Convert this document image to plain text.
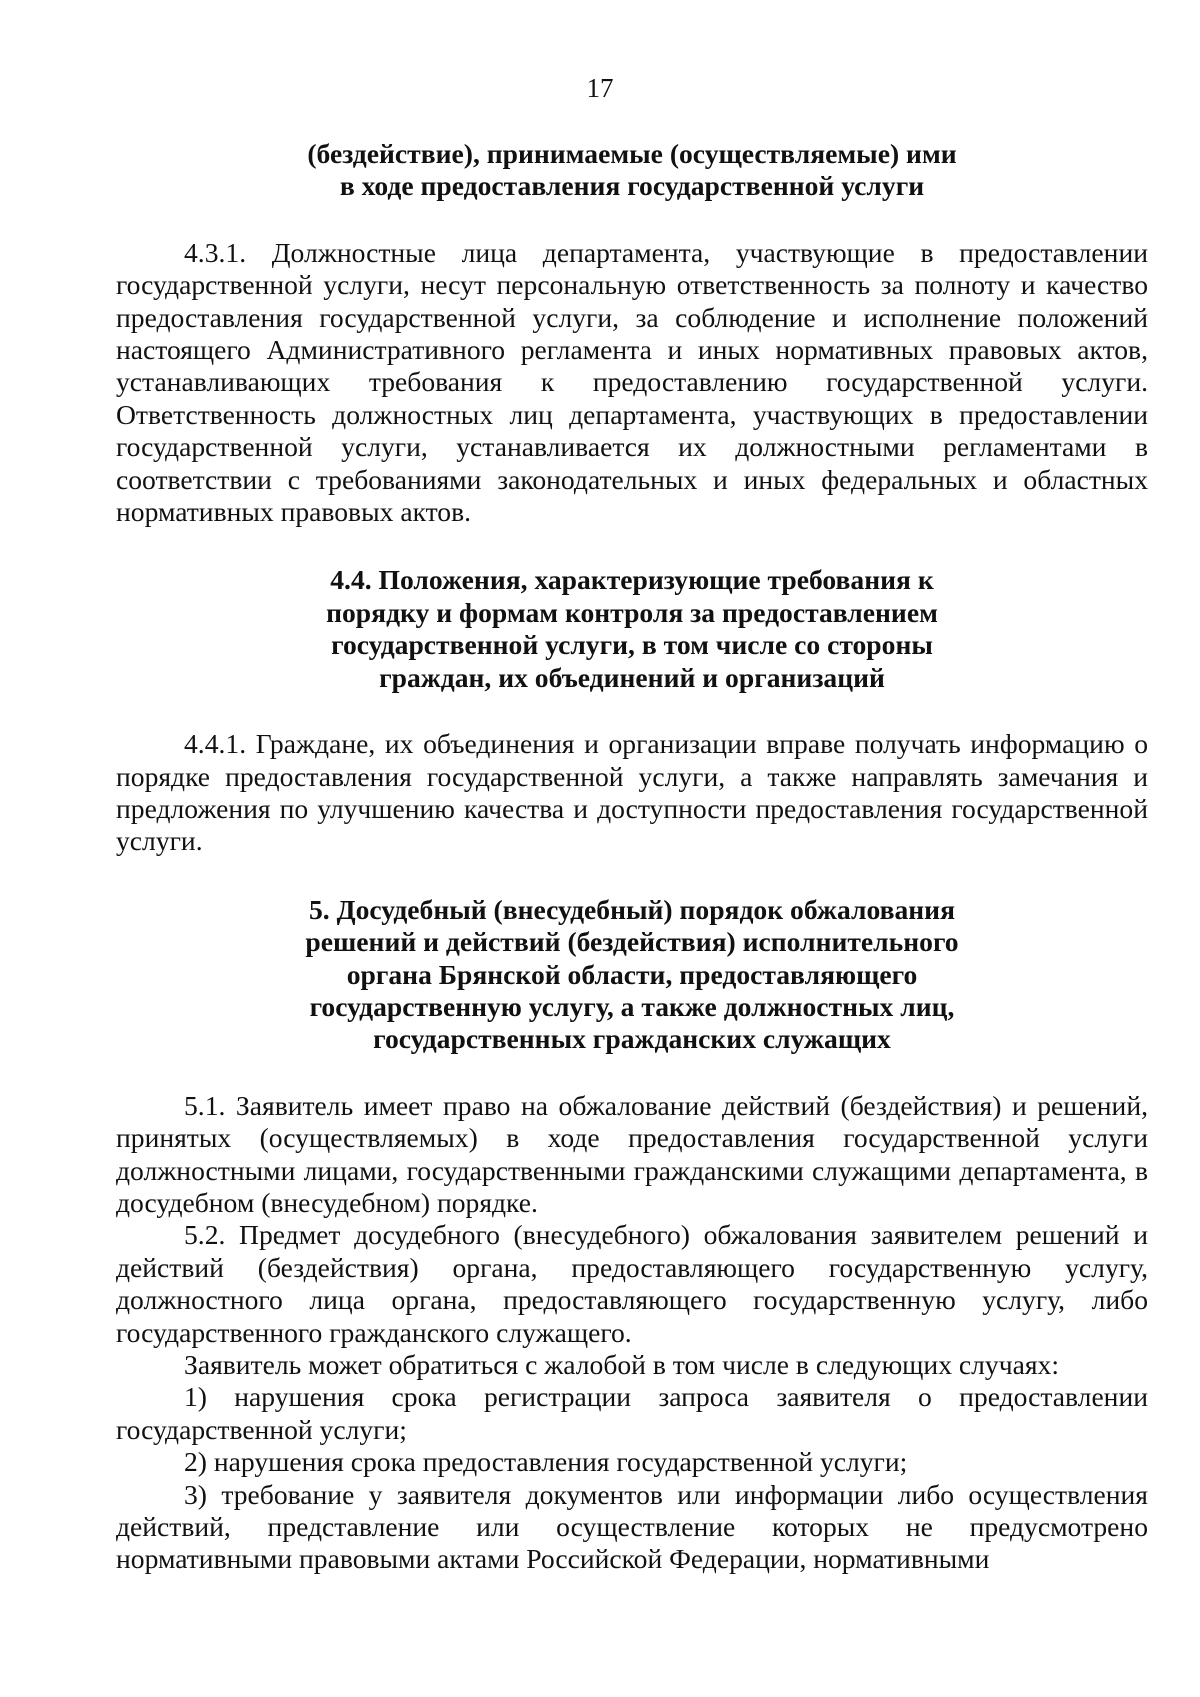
17
(бездействие), принимаемые (осуществляемые) ими
в ходе предоставления государственной услуги

4.3.1. Должностные лица департамента, участвующие в предоставлении государственной услуги, несут персональную ответственность за полноту и качество предоставления государственной услуги, за соблюдение и исполнение положений настоящего Административного регламента и иных нормативных правовых актов, устанавливающих требования к предоставлению государственной услуги. Ответственность должностных лиц департамента, участвующих в предоставлении государственной услуги, устанавливается их должностными регламентами в соответствии с требованиями законодательных и иных федеральных и областных нормативных правовых актов.

4.4. Положения, характеризующие требования к
порядку и формам контроля за предоставлением
государственной услуги, в том числе со стороны
граждан, их объединений и организаций

4.4.1. Граждане, их объединения и организации вправе получать информацию о порядке предоставления государственной услуги, а также направлять замечания и предложения по улучшению качества и доступности предоставления государственной услуги.

5. Досудебный (внесудебный) порядок обжалования
решений и действий (бездействия) исполнительного
органа Брянской области, предоставляющего
государственную услугу, а также должностных лиц,
государственных гражданских служащих

5.1. Заявитель имеет право на обжалование действий (бездействия) и решений, принятых (осуществляемых) в ходе предоставления государственной услуги должностными лицами, государственными гражданскими служащими департамента, в досудебном (внесудебном) порядке.

5.2. Предмет досудебного (внесудебного) обжалования заявителем решений и действий (бездействия) органа, предоставляющего государственную услугу, должностного лица органа, предоставляющего государственную услугу, либо государственного гражданского служащего.

Заявитель может обратиться с жалобой в том числе в следующих случаях:

1) нарушения срока регистрации запроса заявителя о предоставлении государственной услуги;

2) нарушения срока предоставления государственной услуги;

3) требование у заявителя документов или информации либо осуществления действий, представление или осуществление которых не предусмотрено нормативными правовыми актами Российской Федерации, нормативными
